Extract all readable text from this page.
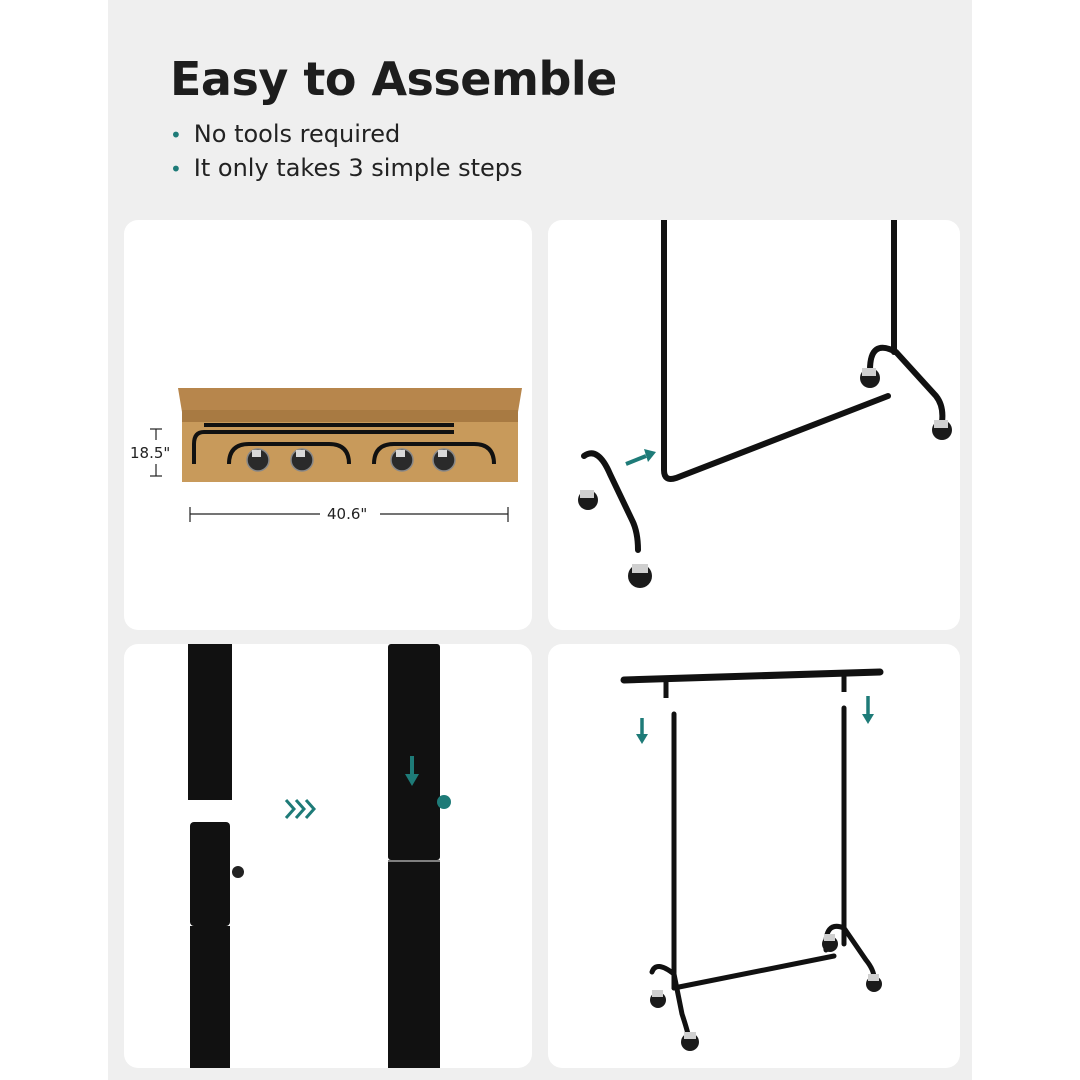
Easy to Assemble
• No tools required
• It only takes 3 simple steps
18.5"
40.6"
